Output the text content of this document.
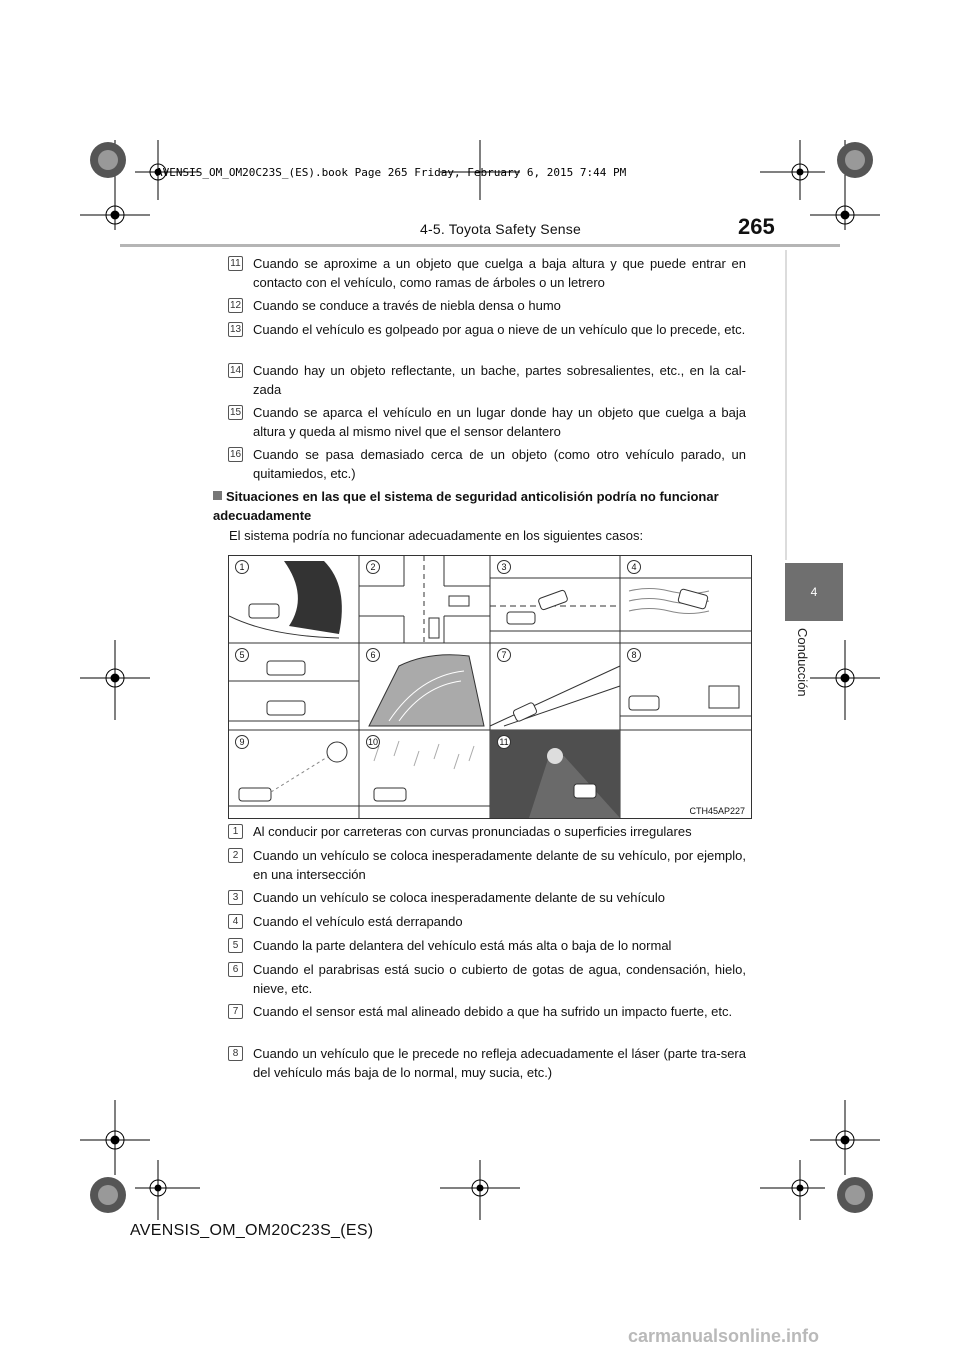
AVENSIS_OM_OM20C23S_(ES).book Page 265 Friday, February 6, 2015 7:44 PM
4-5. Toyota Safety Sense	265
4
Conducción
11 Cuando se aproxime a un objeto que cuelga a baja altura y que puede entrar en contacto con el vehículo, como ramas de árboles o un letrero
12 Cuando se conduce a través de niebla densa o humo
13 Cuando el vehículo es golpeado por agua o nieve de un vehículo que lo precede, etc.
14 Cuando hay un objeto reflectante, un bache, partes sobresalientes, etc., en la cal-zada
15 Cuando se aparca el vehículo en un lugar donde hay un objeto que cuelga a baja altura y queda al mismo nivel que el sensor delantero
16 Cuando se pasa demasiado cerca de un objeto (como otro vehículo parado, un quitamiedos, etc.)
Situaciones en las que el sistema de seguridad anticolisión podría no funcionar adecuadamente
El sistema podría no funcionar adecuadamente en los siguientes casos:
1	2	3	4
5	6	7	8
9	10	11
CTH45AP227
1	Al conducir por carreteras con curvas pronunciadas o superficies irregulares
2	Cuando un vehículo se coloca inesperadamente delante de su vehículo, por ejemplo, en una intersección
3	Cuando un vehículo se coloca inesperadamente delante de su vehículo
4	Cuando el vehículo está derrapando
5	Cuando la parte delantera del vehículo está más alta o baja de lo normal
6	Cuando el parabrisas está sucio o cubierto de gotas de agua, condensación, hielo, nieve, etc.
7	Cuando el sensor está mal alineado debido a que ha sufrido un impacto fuerte, etc.
8	Cuando un vehículo que le precede no refleja adecuadamente el láser (parte tra-sera del vehículo más baja de lo normal, muy sucia, etc.)
AVENSIS_OM_OM20C23S_(ES)
carmanualsonline.info
